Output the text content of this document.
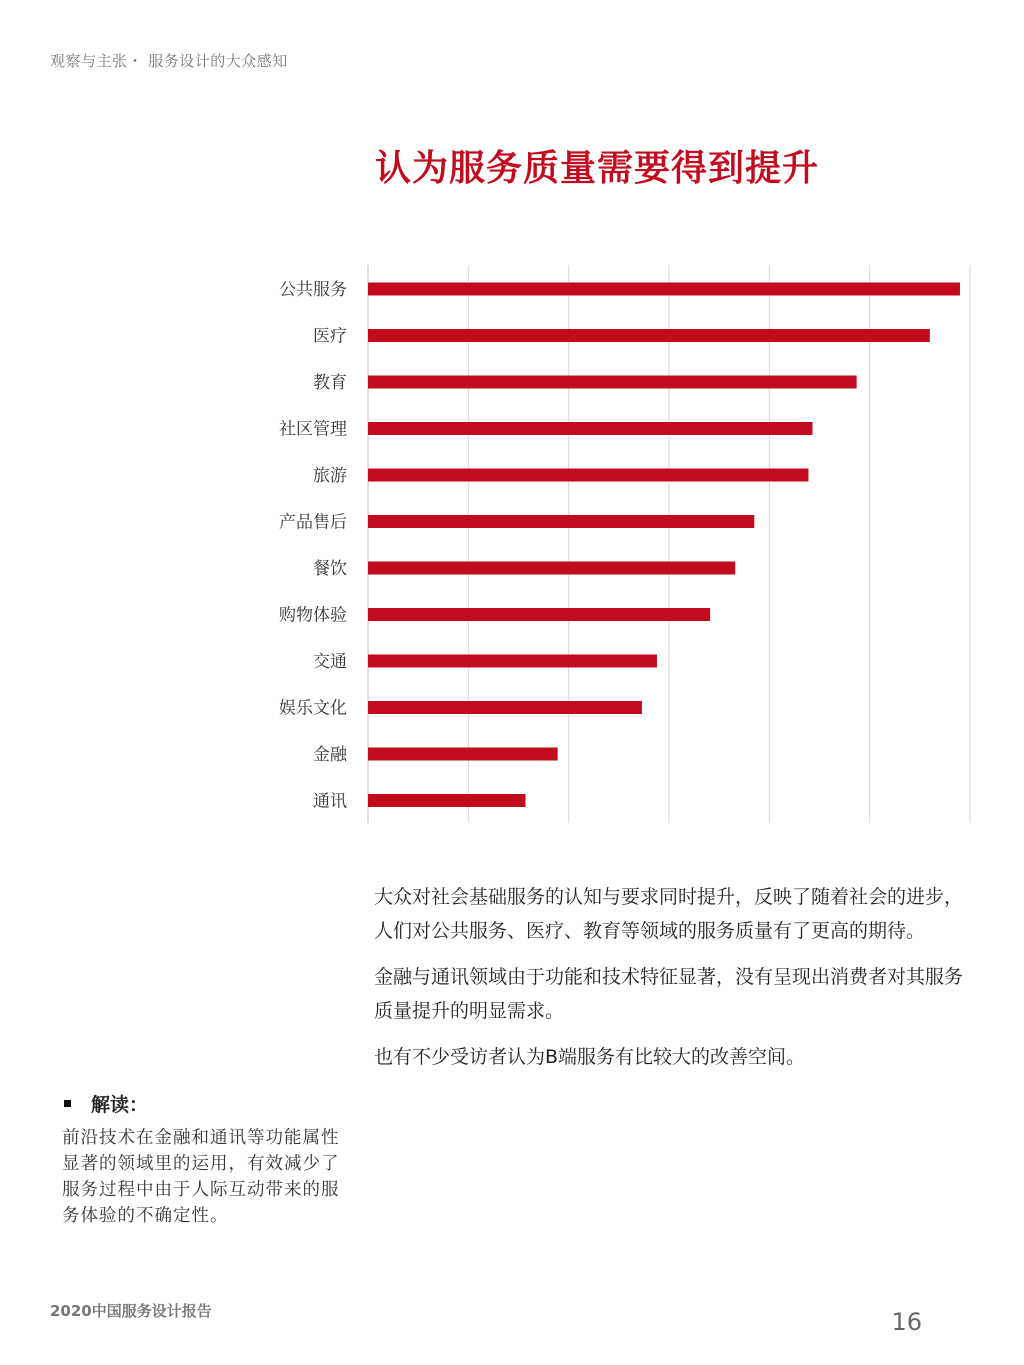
观察与主张・ 服务设计的大众感知
认为服务质量需要得到提升
公共服务
医疗
教育
社区管理
旅游
产品售后
餐饮
购物体验
交通
娱乐文化
金融
通讯

大众对社会基础服务的认知与要求同时提升，反映了随着社会的进步，人们对公共服务、医疗、教育等领域的服务质量有了更高的期待。

金融与通讯领域由于功能和技术特征显著，没有呈现出消费者对其服务质量提升的明显需求。

也有不少受访者认为B端服务有比较大的改善空间。

解读：
前沿技术在金融和通讯等功能属性显著的领域里的运用，有效减少了服务过程中由于人际互动带来的服务体验的不确定性。
2020中国服务设计报告	16
